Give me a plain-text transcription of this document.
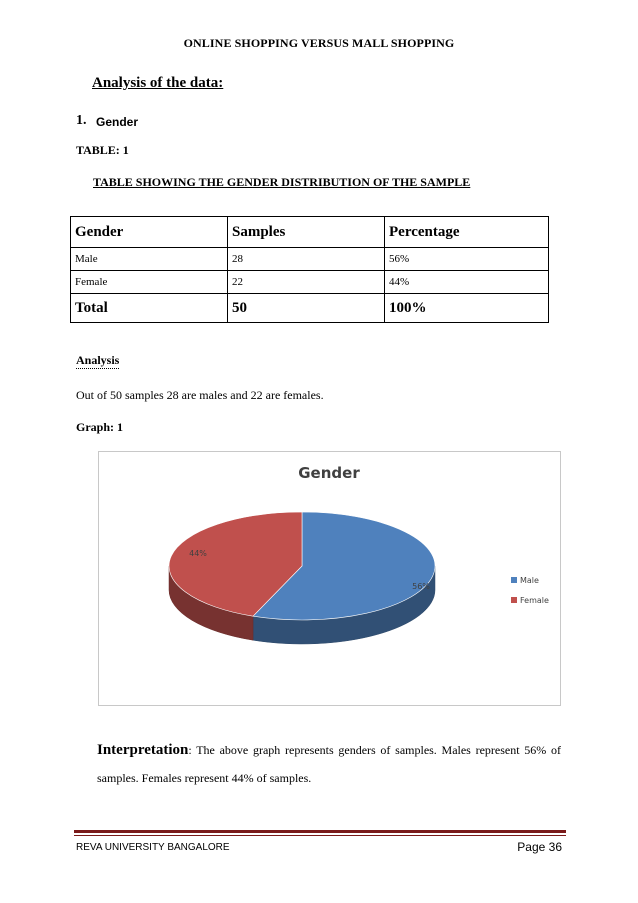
ONLINE SHOPPING VERSUS MALL SHOPPING
Analysis of the data:
1. Gender
TABLE: 1
TABLE SHOWING THE GENDER DISTRIBUTION OF THE SAMPLE
Gender	Samples	Percentage
Male	28	56%
Female	22	44%
Total	50	100%
Analysis
Out of 50 samples 28 are males and 22 are females.
Graph: 1
Gender
56%
44%
Male
Female
Interpretation: The above graph represents genders of samples. Males represent 56% of samples. Females represent 44% of samples.
REVA UNIVERSITY BANGALORE	Page 36
